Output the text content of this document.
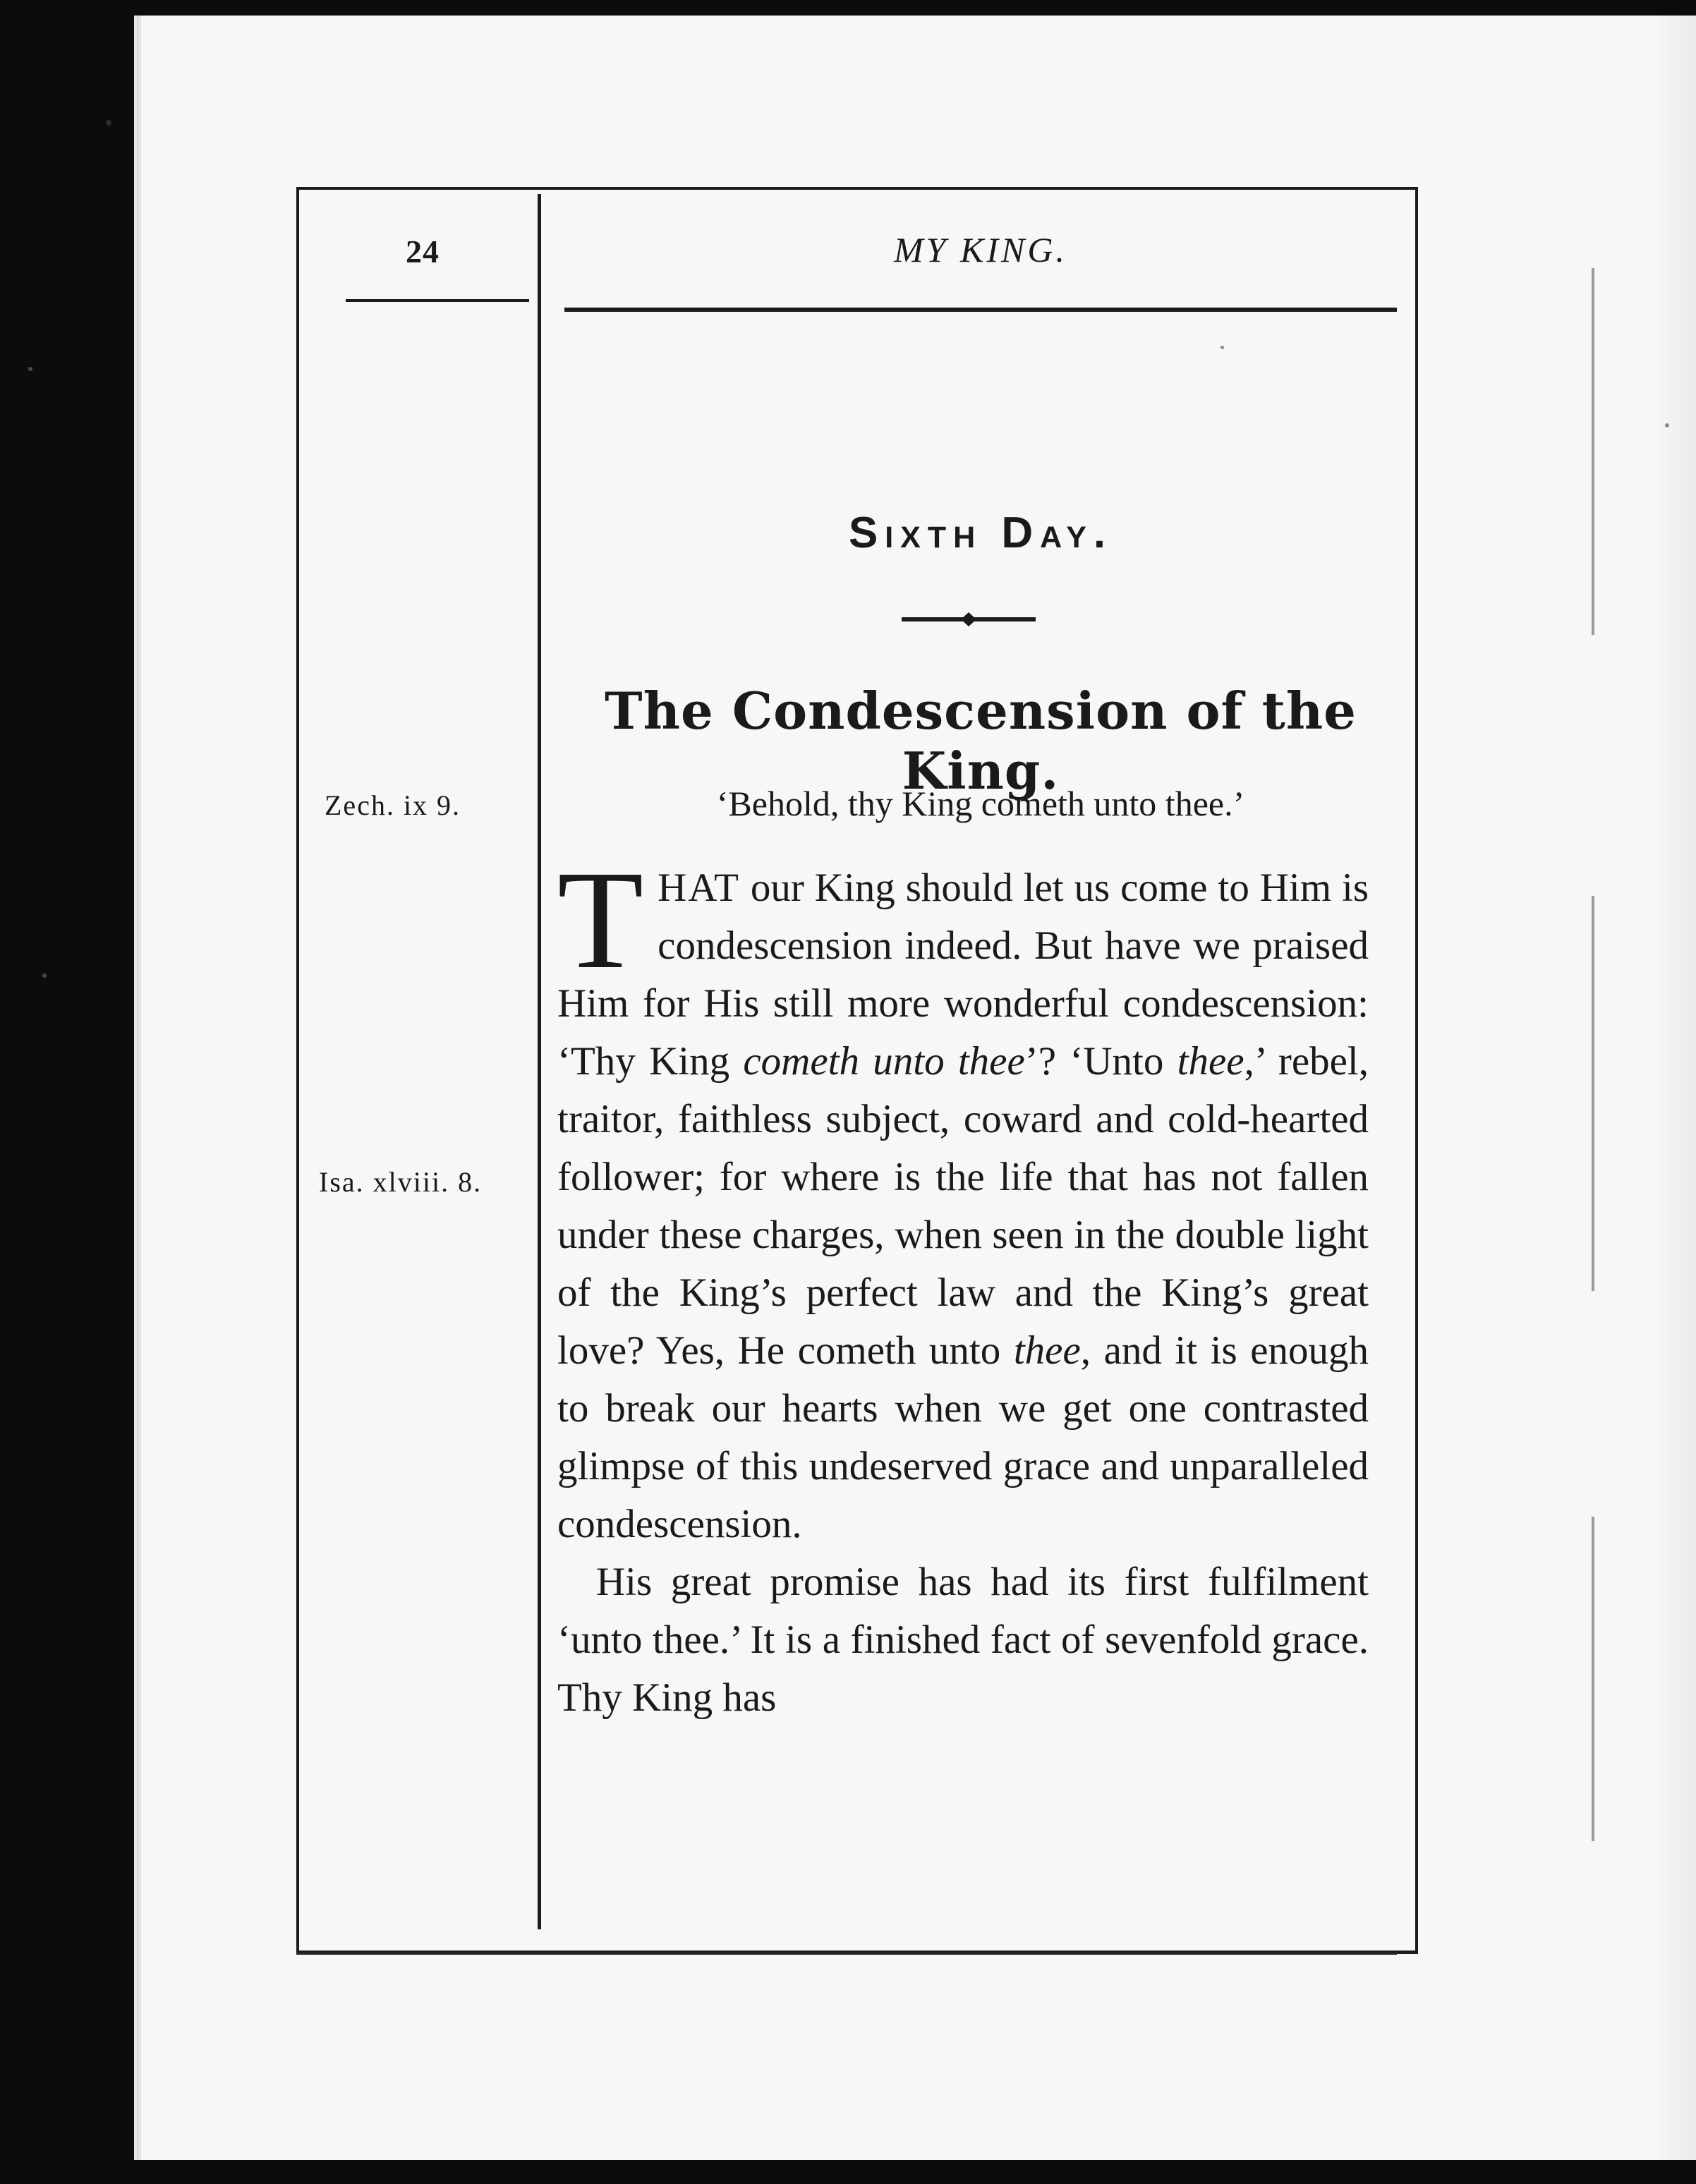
24	MY KING.
Sixth Day.
The Condescension of the King.
‘Behold, thy King cometh unto thee.’
Zech. ix 9.
Isa. xlviii. 8.

THAT our King should let us come to Him is condescension indeed. But have we praised Him for His still more wonderful condescension: ‘Thy King cometh unto thee’? ‘Unto thee,’ rebel, traitor, faithless subject, coward and cold-hearted follower; for where is the life that has not fallen under these charges, when seen in the double light of the King’s perfect law and the King’s great love? Yes, He cometh unto thee, and it is enough to break our hearts when we get one contrasted glimpse of this undeserved grace and unparalleled condescension.

His great promise has had its first fulfilment ‘unto thee.’ It is a finished fact of sevenfold grace. Thy King has
